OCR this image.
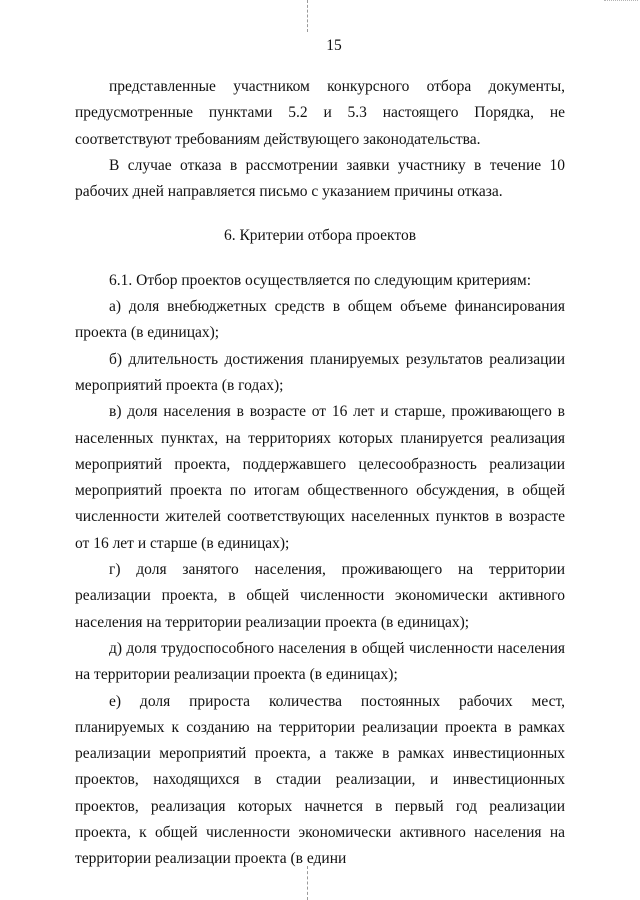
15

представленные участником конкурсного отбора документы, предусмотренные пунктами 5.2 и 5.3 настоящего Порядка, не соответствуют требованиям действующего законодательства.

В случае отказа в рассмотрении заявки участнику в течение 10 рабочих дней направляется письмо с указанием причины отказа.

6. Критерии отбора проектов

6.1. Отбор проектов осуществляется по следующим критериям:

а) доля внебюджетных средств в общем объеме финансирования проекта (в единицах);

б) длительность достижения планируемых результатов реализации мероприятий проекта (в годах);

в) доля населения в возрасте от 16 лет и старше, проживающего в населенных пунктах, на территориях которых планируется реализация мероприятий проекта, поддержавшего целесообразность реализации мероприятий проекта по итогам общественного обсуждения, в общей численности жителей соответствующих населенных пунктов в возрасте от 16 лет и старше (в единицах);

г) доля занятого населения, проживающего на территории реализации проекта, в общей численности экономически активного населения на территории реализации проекта (в единицах);

д) доля трудоспособного населения в общей численности населения на территории реализации проекта (в единицах);

е) доля прироста количества постоянных рабочих мест, планируемых к созданию на территории реализации проекта в рамках реализации мероприятий проекта, а также в рамках инвестиционных проектов, находящихся в стадии реализации, и инвестиционных проектов, реализация которых начнется в первый год реализации проекта, к общей численности экономически активного населения на территории реализации проекта (в едини
